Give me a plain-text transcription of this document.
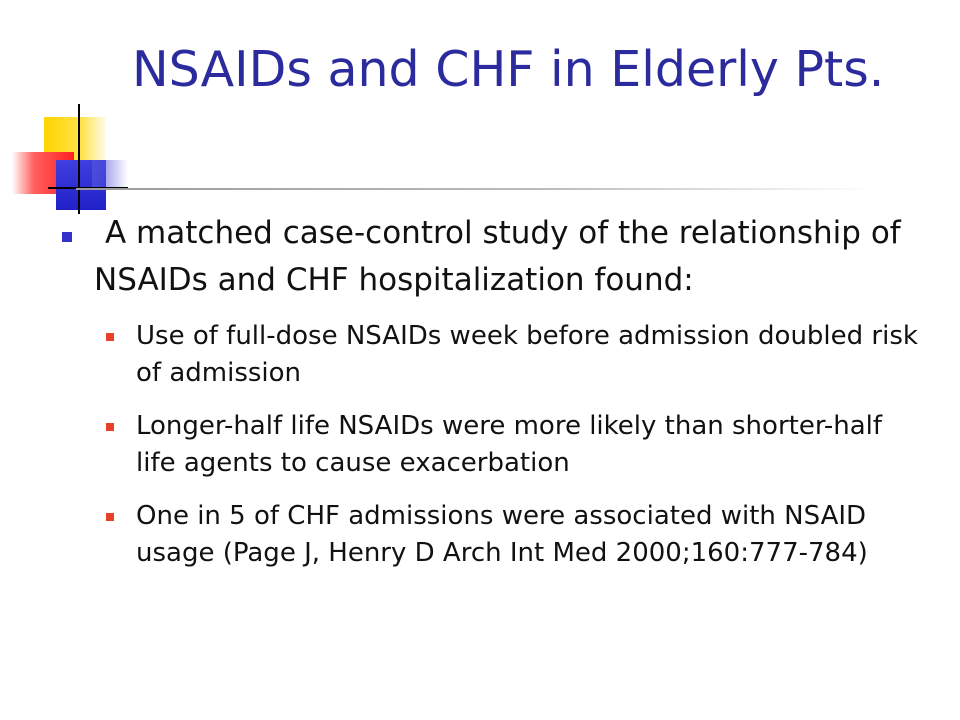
NSAIDs and CHF in Elderly Pts.
A matched case-control study of the relationship of NSAIDs and CHF hospitalization found:
Use of full-dose NSAIDs week before admission doubled risk of admission
Longer-half life NSAIDs were more likely than shorter-half life agents to cause exacerbation
One in 5 of CHF admissions were associated with NSAID usage (Page J, Henry D Arch Int Med 2000;160:777-784)
